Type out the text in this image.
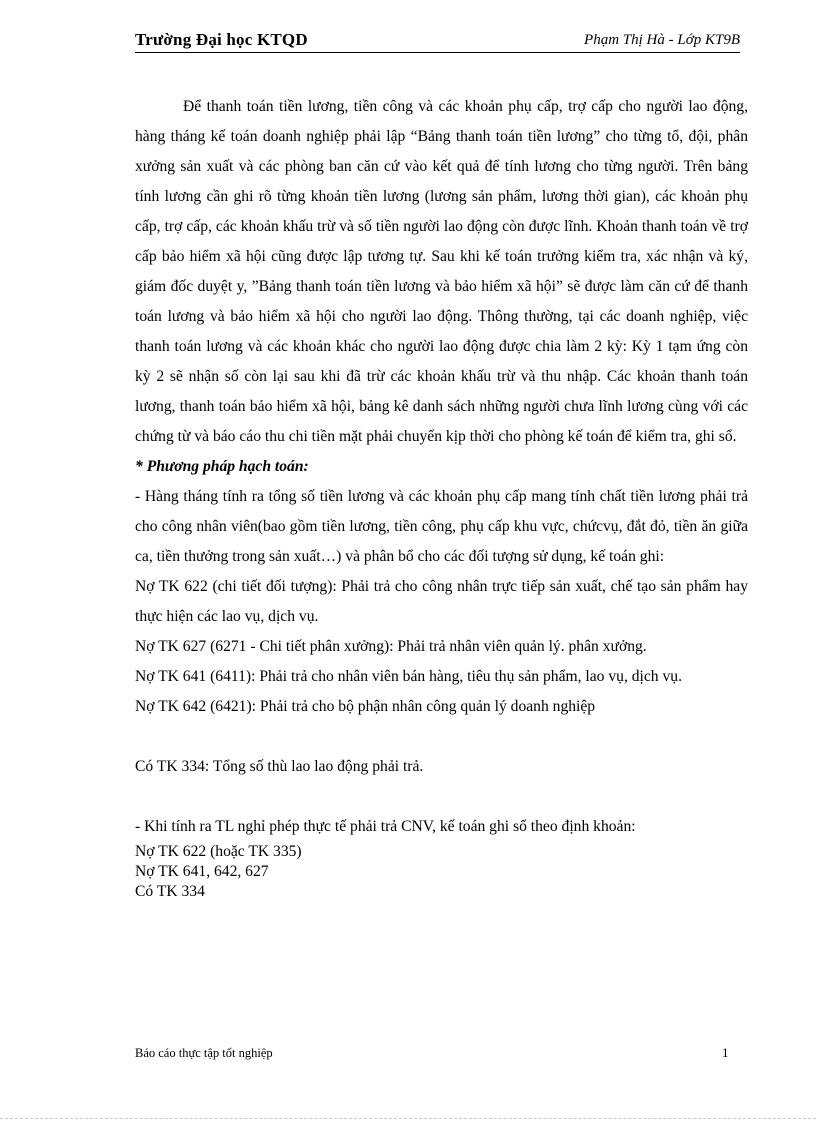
Trường Đại học KTQD	Phạm Thị Hà - Lớp KT9B

Để thanh toán tiền lương, tiền công và các khoản phụ cấp, trợ cấp cho người lao động, hàng tháng kế toán doanh nghiệp phải lập “Bảng thanh toán tiền lương” cho từng tổ, đội, phân xưởng sản xuất và các phòng ban căn cứ vào kết quả để tính lương cho từng người. Trên bảng tính lương cần ghi rõ từng khoản tiền lương (lương sản phẩm, lương thời gian), các khoản phụ cấp, trợ cấp, các khoản khấu trừ và số tiền người lao động còn được lĩnh. Khoản thanh toán về trợ cấp bảo hiểm xã hội cũng được lập tương tự. Sau khi kế toán trưởng kiểm tra, xác nhận và ký, giám đốc duyệt y, ”Bảng thanh toán tiền lương và bảo hiểm xã hội” sẽ được làm căn cứ để thanh toán lương và bảo hiểm xã hội cho người lao động. Thông thường, tại các doanh nghiệp, việc thanh toán lương và các khoản khác cho người lao động được chia làm 2 kỳ: Kỳ 1 tạm ứng còn kỳ 2 sẽ nhận số còn lại sau khi đã trừ các khoản khấu trừ và thu nhập. Các khoản thanh toán lương, thanh toán bảo hiểm xã hội, bảng kê danh sách những người chưa lĩnh lương cùng với các chứng từ và báo cáo thu chi tiền mặt phải chuyển kịp thời cho phòng kế toán để kiểm tra, ghi sổ.

* Phương pháp hạch toán:

- Hàng tháng tính ra tổng số tiền lương và các khoản phụ cấp mang tính chất tiền lương phải trả cho công nhân viên(bao gồm tiền lương, tiền công, phụ cấp khu vực, chứcvụ, đắt đỏ, tiền ăn giữa ca, tiền thưởng trong sản xuất…) và phân bổ cho các đối tượng sử dụng, kế toán ghi:

Nợ TK 622 (chi tiết đối tượng): Phải trả cho công nhân trực tiếp sản xuất, chế tạo sản phẩm hay thực hiện các lao vụ, dịch vụ.

Nợ TK 627 (6271 - Chi tiết phân xưởng): Phải trả nhân viên quản lý. phân xưởng.

Nợ TK 641 (6411): Phải trả cho nhân viên bán hàng, tiêu thụ sản phẩm, lao vụ, dịch vụ.

Nợ TK 642 (6421): Phải trả cho bộ phận nhân công quản lý doanh nghiệp

Có TK 334: Tổng số thù lao lao động phải trả.

- Khi tính ra TL nghỉ phép thực tế phải trả CNV, kế toán ghi sổ theo định khoản:

Nợ TK 622 (hoặc TK 335)

Nợ TK 641, 642, 627

Có TK 334

Báo cáo thực tập tốt nghiệp	1
